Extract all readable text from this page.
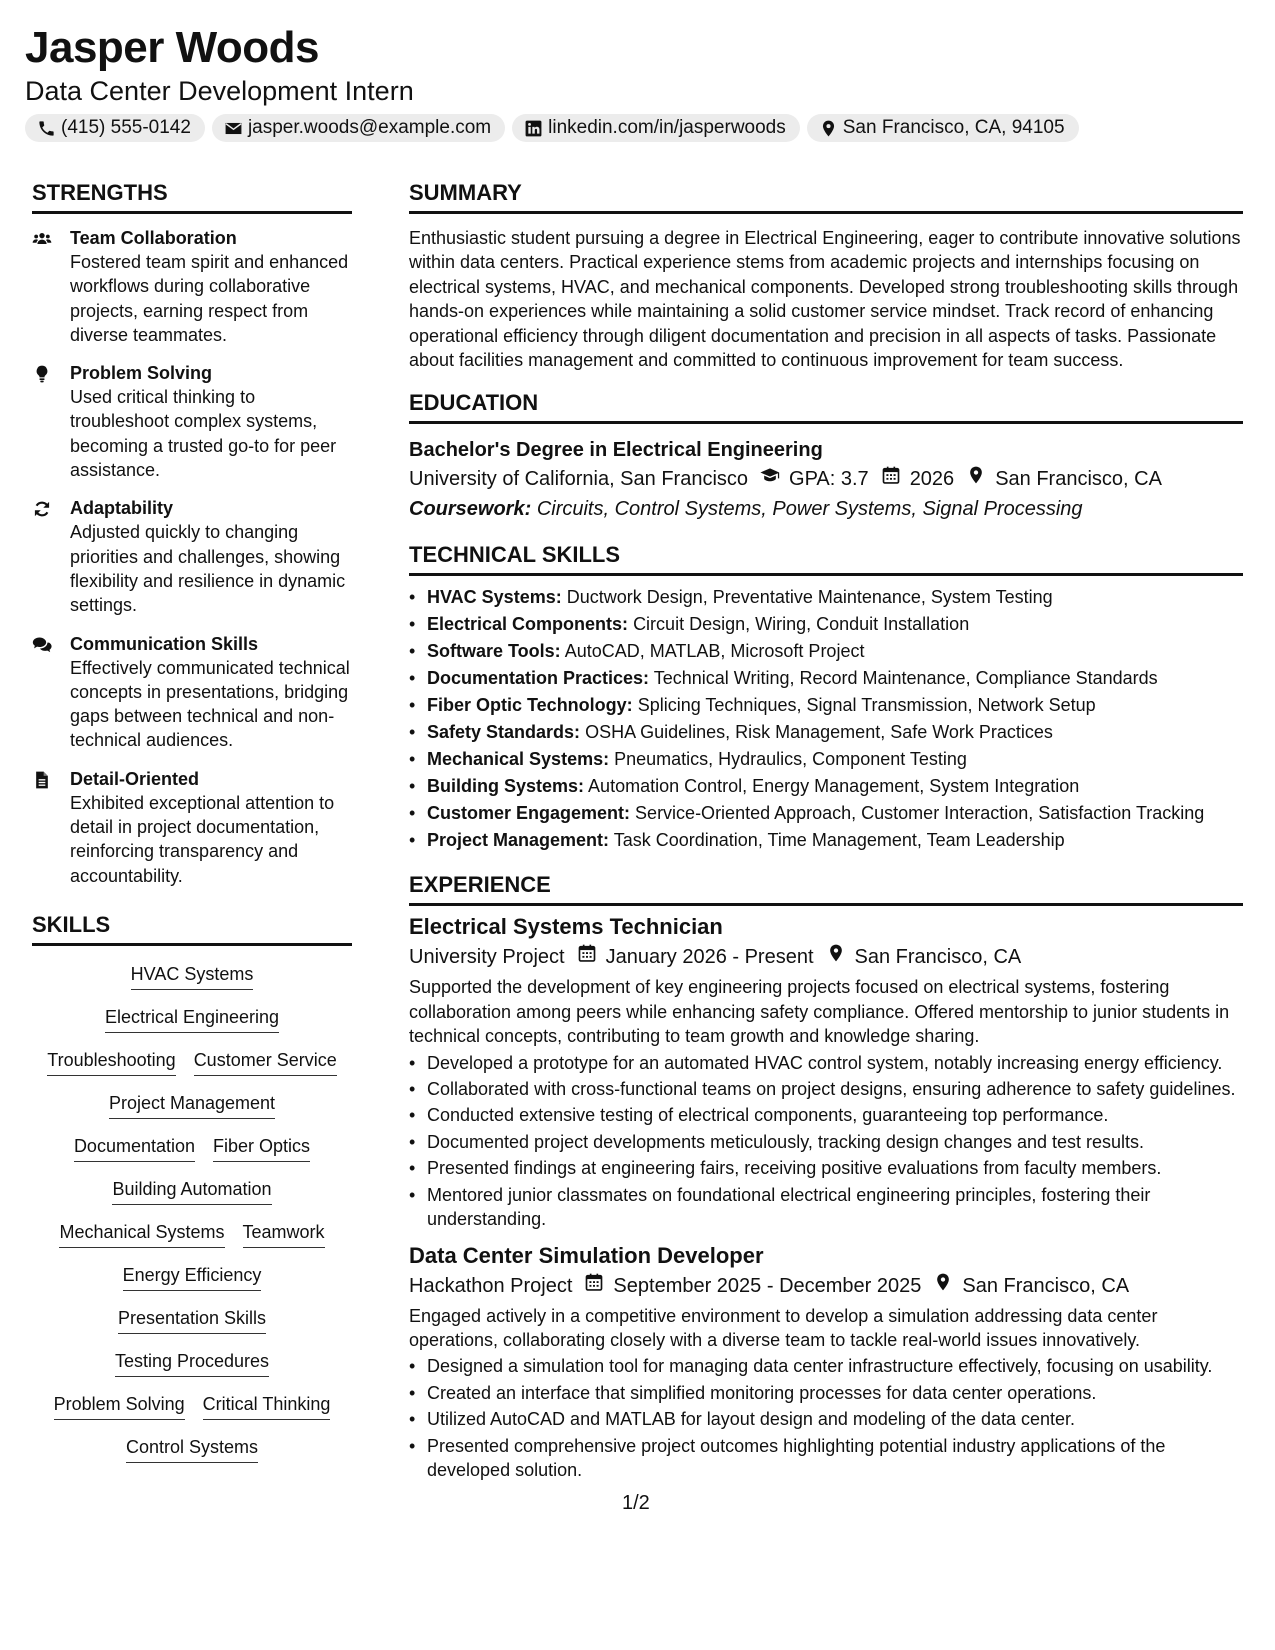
Jasper Woods
Data Center Development Intern
(415) 555-0142	jasper.woods@example.com	linkedin.com/in/jasperwoods	San Francisco, CA, 94105
STRENGTHS
Team Collaboration
Fostered team spirit and enhanced workflows during collaborative projects, earning respect from diverse teammates.
Problem Solving
Used critical thinking to troubleshoot complex systems, becoming a trusted go-to for peer assistance.
Adaptability
Adjusted quickly to changing priorities and challenges, showing flexibility and resilience in dynamic settings.
Communication Skills
Effectively communicated technical concepts in presentations, bridging gaps between technical and non-technical audiences.
Detail-Oriented
Exhibited exceptional attention to detail in project documentation, reinforcing transparency and accountability.
SKILLS
HVAC Systems
Electrical Engineering
Troubleshooting Customer Service
Project Management
Documentation Fiber Optics
Building Automation
Mechanical Systems Teamwork
Energy Efficiency
Presentation Skills
Testing Procedures
Problem Solving Critical Thinking
Control Systems
SUMMARY

Enthusiastic student pursuing a degree in Electrical Engineering, eager to contribute innovative solutions within data centers. Practical experience stems from academic projects and internships focusing on electrical systems, HVAC, and mechanical components. Developed strong troubleshooting skills through hands-on experiences while maintaining a solid customer service mindset. Track record of enhancing operational efficiency through diligent documentation and precision in all aspects of tasks. Passionate about facilities management and committed to continuous improvement for team success.

EDUCATION
Bachelor's Degree in Electrical Engineering
University of California, San Francisco GPA: 3.7 2026 San Francisco, CA
Coursework: Circuits, Control Systems, Power Systems, Signal Processing
TECHNICAL SKILLS
• HVAC Systems: Ductwork Design, Preventative Maintenance, System Testing
• Electrical Components: Circuit Design, Wiring, Conduit Installation
• Software Tools: AutoCAD, MATLAB, Microsoft Project
• Documentation Practices: Technical Writing, Record Maintenance, Compliance Standards
• Fiber Optic Technology: Splicing Techniques, Signal Transmission, Network Setup
• Safety Standards: OSHA Guidelines, Risk Management, Safe Work Practices
• Mechanical Systems: Pneumatics, Hydraulics, Component Testing
• Building Systems: Automation Control, Energy Management, System Integration
• Customer Engagement: Service-Oriented Approach, Customer Interaction, Satisfaction Tracking
• Project Management: Task Coordination, Time Management, Team Leadership
EXPERIENCE
Electrical Systems Technician
University Project January 2026 - Present San Francisco, CA
Supported the development of key engineering projects focused on electrical systems, fostering collaboration among peers while enhancing safety compliance. Offered mentorship to junior students in technical concepts, contributing to team growth and knowledge sharing.
• Developed a prototype for an automated HVAC control system, notably increasing energy efficiency.
• Collaborated with cross-functional teams on project designs, ensuring adherence to safety guidelines.
• Conducted extensive testing of electrical components, guaranteeing top performance.
• Documented project developments meticulously, tracking design changes and test results.
• Presented findings at engineering fairs, receiving positive evaluations from faculty members.
• Mentored junior classmates on foundational electrical engineering principles, fostering their understanding.
Data Center Simulation Developer
Hackathon Project September 2025 - December 2025 San Francisco, CA
Engaged actively in a competitive environment to develop a simulation addressing data center operations, collaborating closely with a diverse team to tackle real-world issues innovatively.
• Designed a simulation tool for managing data center infrastructure effectively, focusing on usability.
• Created an interface that simplified monitoring processes for data center operations.
• Utilized AutoCAD and MATLAB for layout design and modeling of the data center.
• Presented comprehensive project outcomes highlighting potential industry applications of the developed solution.
1/2
